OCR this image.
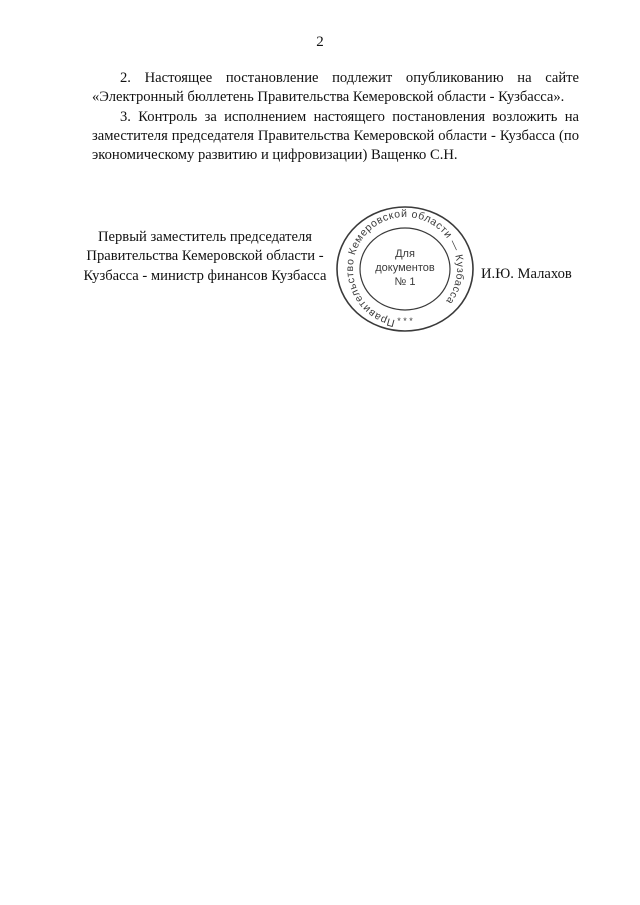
2

2. Настоящее постановление подлежит опубликованию на сайте «Электронный бюллетень Правительства Кемеровской области - Кузбасса».

3. Контроль за исполнением настоящего постановления возложить на заместителя председателя Правительства Кемеровской области - Кузбасса (по экономическому развитию и цифровизации) Ващенко С.Н.

Первый заместитель председателя
Правительства Кемеровской области -
Кузбасса - министр финансов Кузбасса
Правительство Кемеровской области — Кузбасса
Для
документов
№ 1
* * *
И.Ю. Малахов
